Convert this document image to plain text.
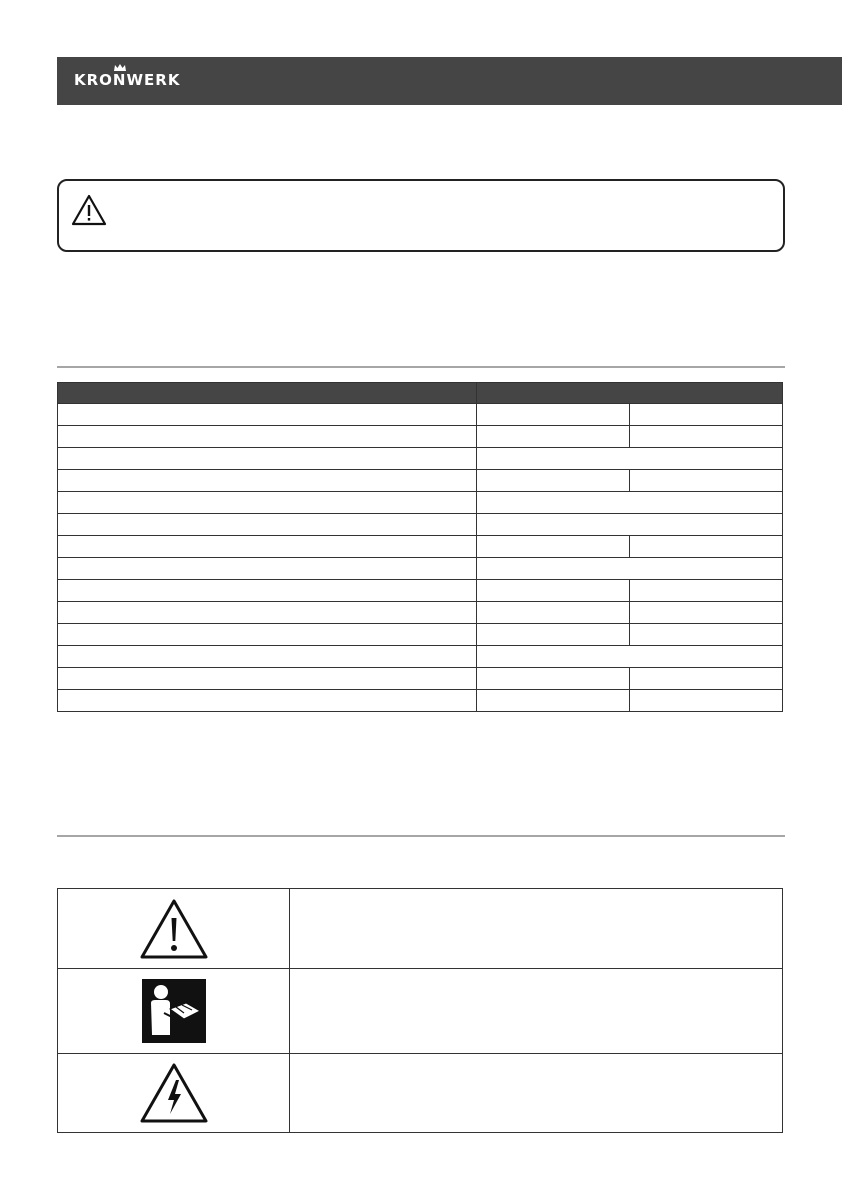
KRONWERK
